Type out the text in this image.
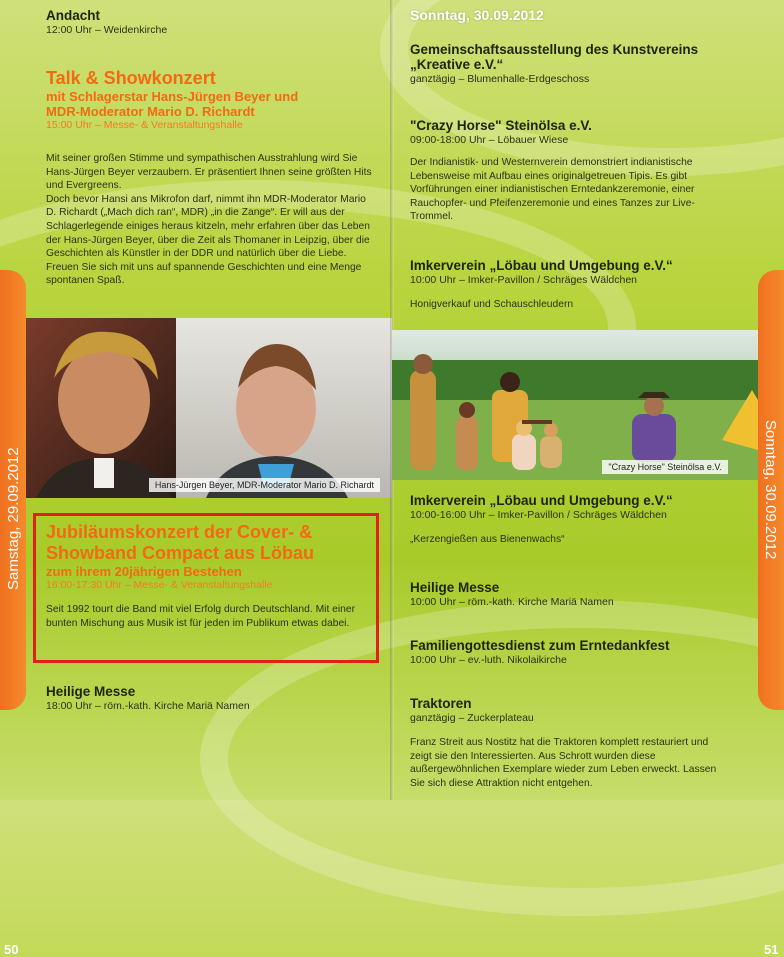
Andacht

12:00 Uhr – Weidenkirche

Talk & Showkonzert

mit Schlagerstar Hans-Jürgen Beyer und

MDR-Moderator Mario D. Richardt

15:00 Uhr – Messe- & Veranstaltungshalle

Mit seiner großen Stimme und sympathischen Ausstrahlung wird Sie Hans-Jürgen Beyer verzaubern. Er präsentiert Ihnen seine größten Hits und Evergreens.

Doch bevor Hansi ans Mikrofon darf, nimmt ihn MDR-Moderator Mario D. Richardt („Mach dich ran“, MDR) „in die Zange“. Er will aus der Schlagerlegende einiges heraus kitzeln, mehr erfahren über das Leben der Hans-Jürgen Beyer, über die Zeit als Thomaner in Leipzig, über die Geschichten als Künstler in der DDR und natürlich über die Liebe. Freuen Sie sich mit uns auf spannende Geschichten und eine Menge spontanen Spaß.

Hans-Jürgen Beyer, MDR-Moderator Mario D. Richardt

Jubiläumskonzert der Cover- &

Showband Compact aus Löbau

zum ihrem 20jährigen Bestehen

16:00-17:30 Uhr – Messe- & Veranstaltungshalle

Seit 1992 tourt die Band mit viel Erfolg durch Deutschland. Mit einer bunten Mischung aus Musik ist für jeden im Publikum etwas dabei.

Heilige Messe

18:00 Uhr – röm.-kath. Kirche Mariä Namen

Samstag, 29.09.2012
50
Sonntag, 30.09.2012

Gemeinschaftsausstellung des Kunstvereins

„Kreative e.V.“

ganztägig – Blumenhalle-Erdgeschoss

"Crazy Horse" Steinölsa e.V.

09:00-18:00 Uhr – Löbauer Wiese

Der Indianistik- und Westernverein demonstriert indianistische Lebensweise mit Aufbau eines originalgetreuen Tipis. Es gibt Vorführungen einer indianistischen Erntedankzeremonie, einer Rauchopfer- und Pfeifenzeremonie und eines Tanzes zur Live-Trommel.

Imkerverein „Löbau und Umgebung e.V.“

10:00 Uhr – Imker-Pavillon / Schräges Wäldchen

Honigverkauf und Schauschleudern

"Crazy Horse" Steinölsa e.V.

Imkerverein „Löbau und Umgebung e.V.“

10:00-16:00 Uhr – Imker-Pavillon / Schräges Wäldchen

„Kerzengießen aus Bienenwachs“

Heilige Messe

10:00 Uhr – röm.-kath. Kirche Mariä Namen

Familiengottesdienst zum Erntedankfest

10:00 Uhr – ev.-luth. Nikolaikirche

Traktoren

ganztägig – Zuckerplateau

Franz Streit aus Nostitz hat die Traktoren komplett restauriert und zeigt sie den Interessierten. Aus Schrott wurden diese außergewöhnlichen Exemplare wieder zum Leben erweckt. Lassen Sie sich diese Attraktion nicht entgehen.

Sonntag, 30.09.2012
51
